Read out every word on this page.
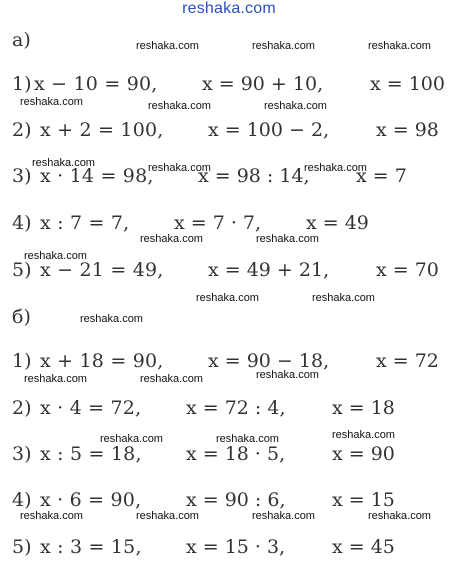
reshaka.com
а)
1) x − 10 = 90, x = 90 + 10, x = 100
2) x + 2 = 100, x = 100 − 2, x = 98
3) x · 14 = 98, x = 98 : 14, x = 7
4) x : 7 = 7, x = 7 · 7, x = 49
5) x − 21 = 49, x = 49 + 21, x = 70
б)
1) x + 18 = 90, x = 90 − 18, x = 72
2) x · 4 = 72, x = 72 : 4, x = 18
3) x : 5 = 18, x = 18 · 5, x = 90
4) x · 6 = 90, x = 90 : 6, x = 15
5) x : 3 = 15, x = 15 · 3, x = 45
reshaka.com	reshaka.com	reshaka.com
reshaka.com	reshaka.com	reshaka.com
reshaka.com	reshaka.com	reshaka.com
reshaka.com	reshaka.com
reshaka.com
reshaka.com	reshaka.com
reshaka.com
reshaka.com	reshaka.com	reshaka.com
reshaka.com	reshaka.com	reshaka.com
reshaka.com	reshaka.com	reshaka.com	reshaka.com
